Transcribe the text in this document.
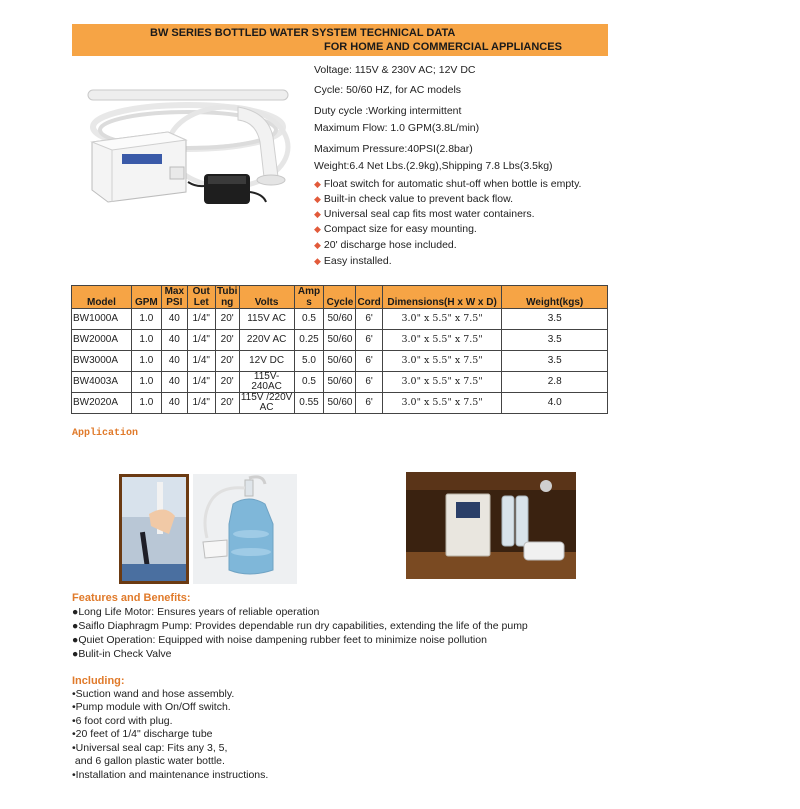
BW SERIES BOTTLED WATER SYSTEM TECHNICAL DATA
FOR HOME AND COMMERCIAL APPLIANCES
Voltage: 115V & 230V AC; 12V DC
Cycle: 50/60 HZ, for AC models
Duty cycle :Working intermittent
Maximum Flow: 1.0 GPM(3.8L/min)
Maximum Pressure:40PSI(2.8bar)
Weight:6.4 Net Lbs.(2.9kg),Shipping 7.8 Lbs(3.5kg)
◆ Float switch for automatic shut-off when bottle is empty.
◆ Built-in check value to prevent back flow.
◆ Universal seal cap fits most water containers.
◆ Compact size for easy mounting.
◆ 20' discharge hose included.
◆ Easy installed.
Model	GPM	Max PSI	Out Let	Tubi ng	Volts	Amp s	Cycle	Cord	Dimensions(H x W x D)	Weight(kgs)
BW1000A	1.0	40	1/4"	20'	115V AC	0.5	50/60	6'	3.0" x 5.5" x 7.5"	3.5
BW2000A	1.0	40	1/4"	20'	220V AC	0.25	50/60	6'	3.0" x 5.5" x 7.5"	3.5
BW3000A	1.0	40	1/4"	20'	12V DC	5.0	50/60	6'	3.0" x 5.5" x 7.5"	3.5
BW4003A	1.0	40	1/4"	20'	115V-240AC	0.5	50/60	6'	3.0" x 5.5" x 7.5"	2.8
BW2020A	1.0	40	1/4"	20'	115V /220V AC	0.55	50/60	6'	3.0" x 5.5" x 7.5"	4.0
Application
Features and Benefits:
●Long Life Motor: Ensures years of reliable operation
●Saiflo Diaphragm Pump: Provides dependable run dry capabilities, extending the life of the pump
●Quiet Operation: Equipped with noise dampening rubber feet to minimize noise pollution
●Bulit-in Check Valve
Including:
•Suction wand and hose assembly.
•Pump module with On/Off switch.
•6 foot cord with plug.
•20 feet of 1/4" discharge tube
•Universal seal cap: Fits any 3, 5,
and 6 gallon plastic water bottle.
•Installation and maintenance instructions.
